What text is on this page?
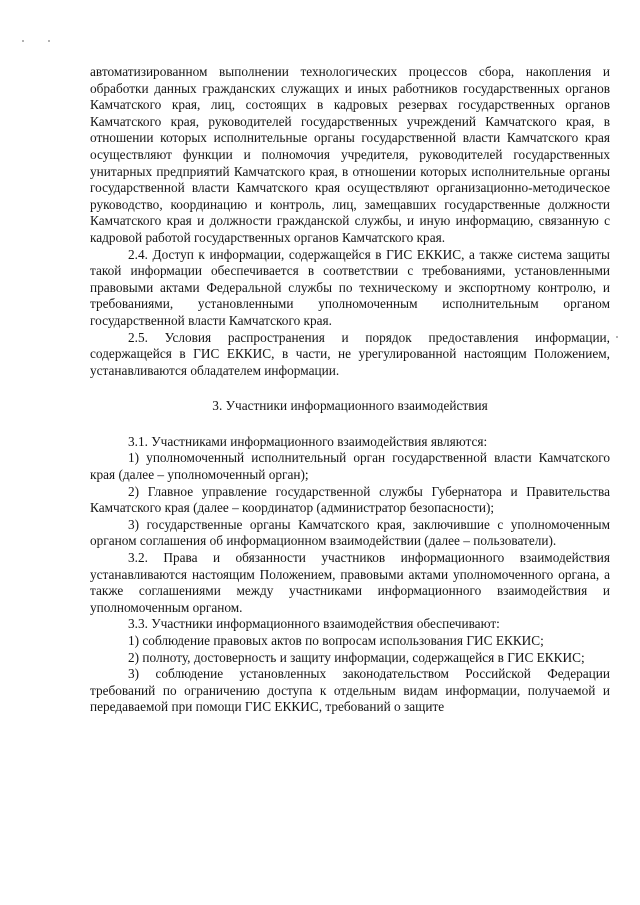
автоматизированном выполнении технологических процессов сбора, накопления и обработки данных гражданских служащих и иных работников государственных органов Камчатского края, лиц, состоящих в кадровых резервах государственных органов Камчатского края, руководителей государственных учреждений Камчатского края, в отношении которых исполнительные органы государственной власти Камчатского края осуществляют функции и полномочия учредителя, руководителей государственных унитарных предприятий Камчатского края, в отношении которых исполнительные органы государственной власти Камчатского края осуществляют организационно-методическое руководство, координацию и контроль, лиц, замещавших государственные должности Камчатского края и должности гражданской службы, и иную информацию, связанную с кадровой работой государственных органов Камчатского края.

2.4. Доступ к информации, содержащейся в ГИС ЕККИС, а также система защиты такой информации обеспечивается в соответствии с требованиями, установленными правовыми актами Федеральной службы по техническому и экспортному контролю, и требованиями, установленными уполномоченным исполнительным органом государственной власти Камчатского края.

2.5. Условия распространения и порядок предоставления информации, содержащейся в ГИС ЕККИС, в части, не урегулированной настоящим Положением, устанавливаются обладателем информации.

3. Участники информационного взаимодействия

3.1. Участниками информационного взаимодействия являются:

1) уполномоченный исполнительный орган государственной власти Камчатского края (далее – уполномоченный орган);

2) Главное управление государственной службы Губернатора и Правительства Камчатского края (далее – координатор (администратор безопасности);

3) государственные органы Камчатского края, заключившие с уполномоченным органом соглашения об информационном взаимодействии (далее – пользователи).

3.2. Права и обязанности участников информационного взаимодействия устанавливаются настоящим Положением, правовыми актами уполномоченного органа, а также соглашениями между участниками информационного взаимодействия и уполномоченным органом.

3.3. Участники информационного взаимодействия обеспечивают:

1) соблюдение правовых актов по вопросам использования ГИС ЕККИС;

2) полноту, достоверность и защиту информации, содержащейся в ГИС ЕККИС;

3) соблюдение установленных законодательством Российской Федерации требований по ограничению доступа к отдельным видам информации, получаемой и передаваемой при помощи ГИС ЕККИС, требований о защите
